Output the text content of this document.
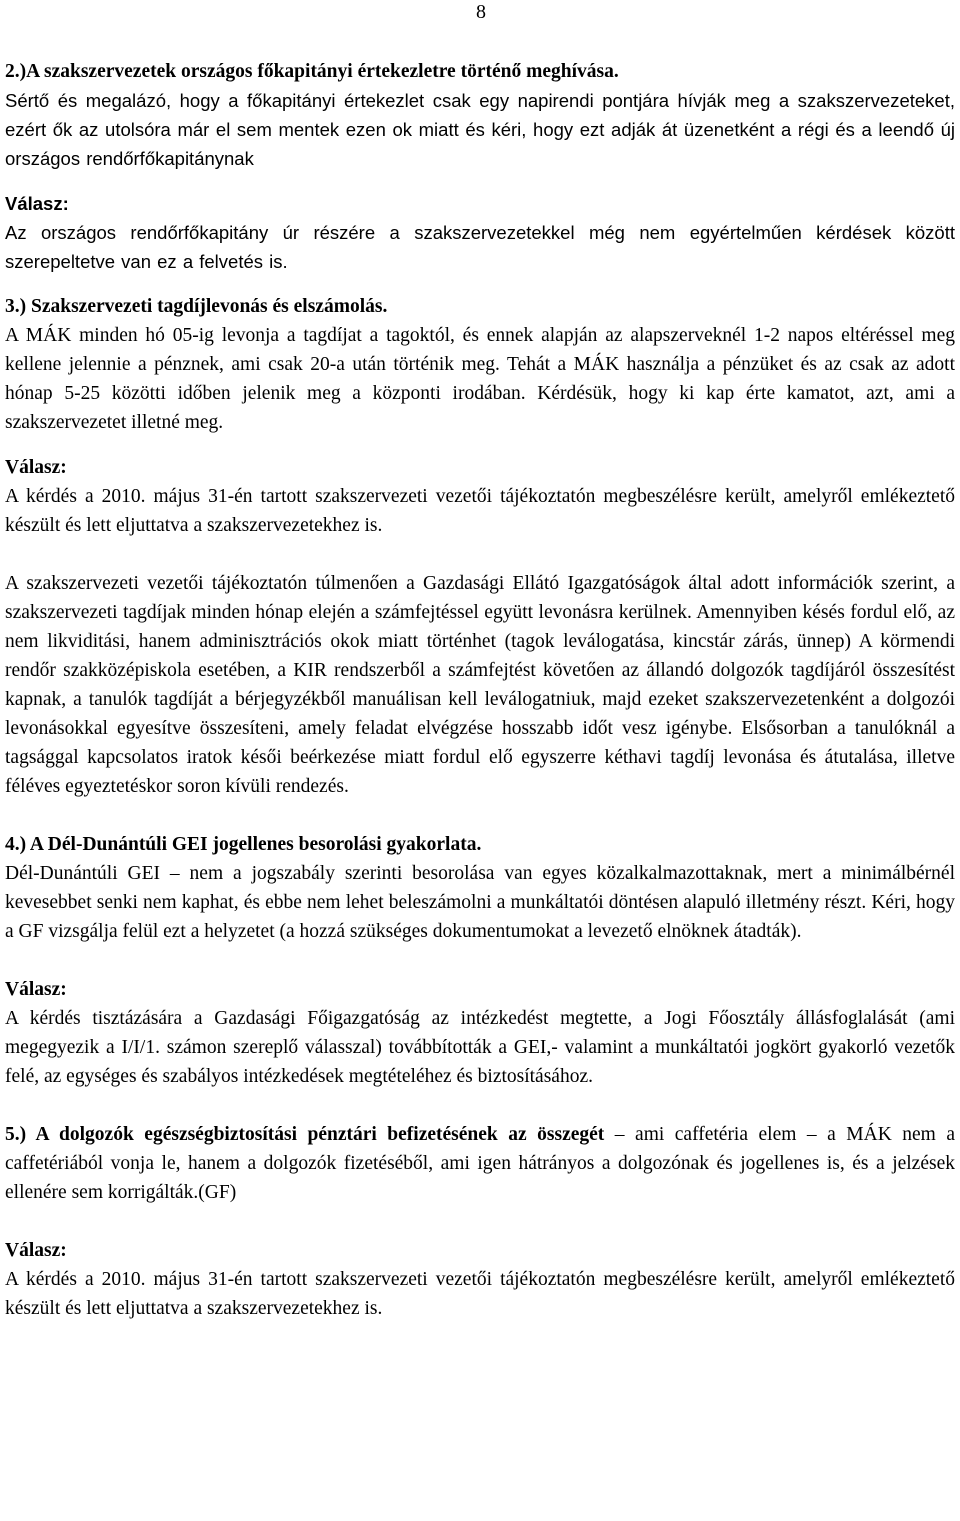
8

2.)A szakszervezetek országos főkapitányi értekezletre történő meghívása.

Sértő és megalázó, hogy a főkapitányi értekezlet csak egy napirendi pontjára hívják meg a szakszervezeteket, ezért ők az utolsóra már el sem mentek ezen ok miatt és kéri, hogy ezt adják át üzenetként a régi és a leendő új országos rendőrfőkapitánynak

Válasz:

Az országos rendőrfőkapitány úr részére a szakszervezetekkel még nem egyértelműen kérdések között szerepeltetve van ez a felvetés is.

3.) Szakszervezeti tagdíjlevonás és elszámolás.

A MÁK minden hó 05-ig levonja a tagdíjat a tagoktól, és ennek alapján az alapszerveknél 1-2 napos eltéréssel meg kellene jelennie a pénznek, ami csak 20-a után történik meg. Tehát a MÁK használja a pénzüket és az csak az adott hónap 5-25 közötti időben jelenik meg a központi irodában. Kérdésük, hogy ki kap érte kamatot, azt, ami a szakszervezetet illetné meg.

Válasz:

A kérdés a 2010. május 31-én tartott szakszervezeti vezetői tájékoztatón megbeszélésre került, amelyről emlékeztető készült és lett eljuttatva a szakszervezetekhez is.

A szakszervezeti vezetői tájékoztatón túlmenően a Gazdasági Ellátó Igazgatóságok által adott információk szerint, a szakszervezeti tagdíjak minden hónap elején a számfejtéssel együtt levonásra kerülnek. Amennyiben késés fordul elő, az nem likviditási, hanem adminisztrációs okok miatt történhet (tagok leválogatása, kincstár zárás, ünnep) A körmendi rendőr szakközépiskola esetében, a KIR rendszerből a számfejtést követően az állandó dolgozók tagdíjáról összesítést kapnak, a tanulók tagdíját a bérjegyzékből manuálisan kell leválogatniuk, majd ezeket szakszervezetenként a dolgozói levonásokkal egyesítve összesíteni, amely feladat elvégzése hosszabb időt vesz igénybe. Elsősorban a tanulóknál a tagsággal kapcsolatos iratok késői beérkezése miatt fordul elő egyszerre kéthavi tagdíj levonása és átutalása, illetve féléves egyeztetéskor soron kívüli rendezés.

4.) A Dél-Dunántúli GEI jogellenes besorolási gyakorlata.

Dél-Dunántúli GEI – nem a jogszabály szerinti besorolása van egyes közalkalmazottaknak, mert a minimálbérnél kevesebbet senki nem kaphat, és ebbe nem lehet beleszámolni a munkáltatói döntésen alapuló illetmény részt. Kéri, hogy a GF vizsgálja felül ezt a helyzetet (a hozzá szükséges dokumentumokat a levezető elnöknek átadták).

Válasz:

A kérdés tisztázására a Gazdasági Főigazgatóság az intézkedést megtette, a Jogi Főosztály állásfoglalását (ami megegyezik a I/I/1. számon szereplő válasszal) továbbították a GEI,- valamint a munkáltatói jogkört gyakorló vezetők felé, az egységes és szabályos intézkedések megtételéhez és biztosításához.

5.) A dolgozók egészségbiztosítási pénztári befizetésének az összegét – ami caffetéria elem – a MÁK nem a caffetériából vonja le, hanem a dolgozók fizetéséből, ami igen hátrányos a dolgozónak és jogellenes is, és a jelzések ellenére sem korrigálták.(GF)

Válasz:

A kérdés a 2010. május 31-én tartott szakszervezeti vezetői tájékoztatón megbeszélésre került, amelyről emlékeztető készült és lett eljuttatva a szakszervezetekhez is.
